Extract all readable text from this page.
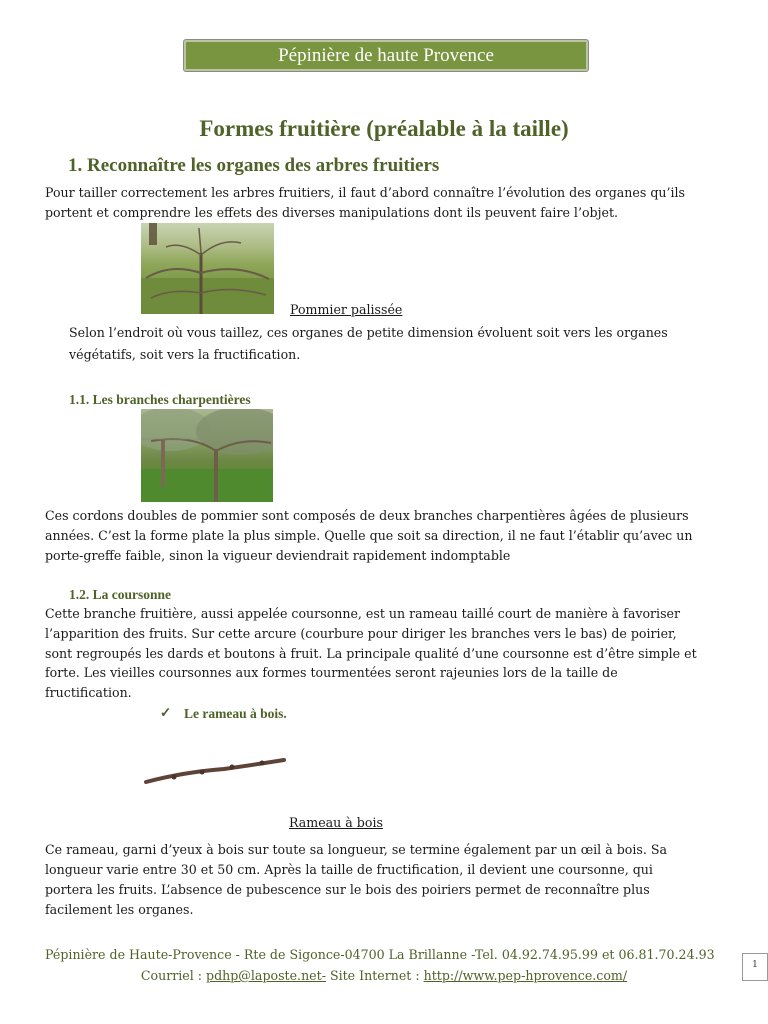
Pépinière de haute Provence
Formes fruitière (préalable à la taille)
1. Reconnaître les organes des arbres fruitiers
Pour tailler correctement les arbres fruitiers, il faut d’abord connaître l’évolution des organes qu’ils
portent et comprendre les effets des diverses manipulations dont ils peuvent faire l’objet.
Pommier palissée
Selon l’endroit où vous taillez, ces organes de petite dimension évoluent soit vers les organes
végétatifs, soit vers la fructification.
1.1. Les branches charpentières
Ces cordons doubles de pommier sont composés de deux branches charpentières âgées de plusieurs
années. C’est la forme plate la plus simple. Quelle que soit sa direction, il ne faut l’établir qu’avec un
porte-greffe faible, sinon la vigueur deviendrait rapidement indomptable
1.2. La coursonne
Cette branche fruitière, aussi appelée coursonne, est un rameau taillé court de manière à favoriser
l’apparition des fruits. Sur cette arcure (courbure pour diriger les branches vers le bas) de poirier,
sont regroupés les dards et boutons à fruit. La principale qualité d’une coursonne est d’être simple et
forte. Les vieilles coursonnes aux formes tourmentées seront rajeunies lors de la taille de
fructification.
✓ Le rameau à bois.
Rameau à bois
Ce rameau, garni d’yeux à bois sur toute sa longueur, se termine également par un œil à bois. Sa
longueur varie entre 30 et 50 cm. Après la taille de fructification, il devient une coursonne, qui
portera les fruits. L’absence de pubescence sur le bois des poiriers permet de reconnaître plus
facilement les organes.
Pépinière de Haute-Provence - Rte de Sigonce-04700 La Brillanne -Tel. 04.92.74.95.99 et 06.81.70.24.93
Courriel : pdhp@laposte.net- Site Internet : http://www.pep-hprovence.com/
1
